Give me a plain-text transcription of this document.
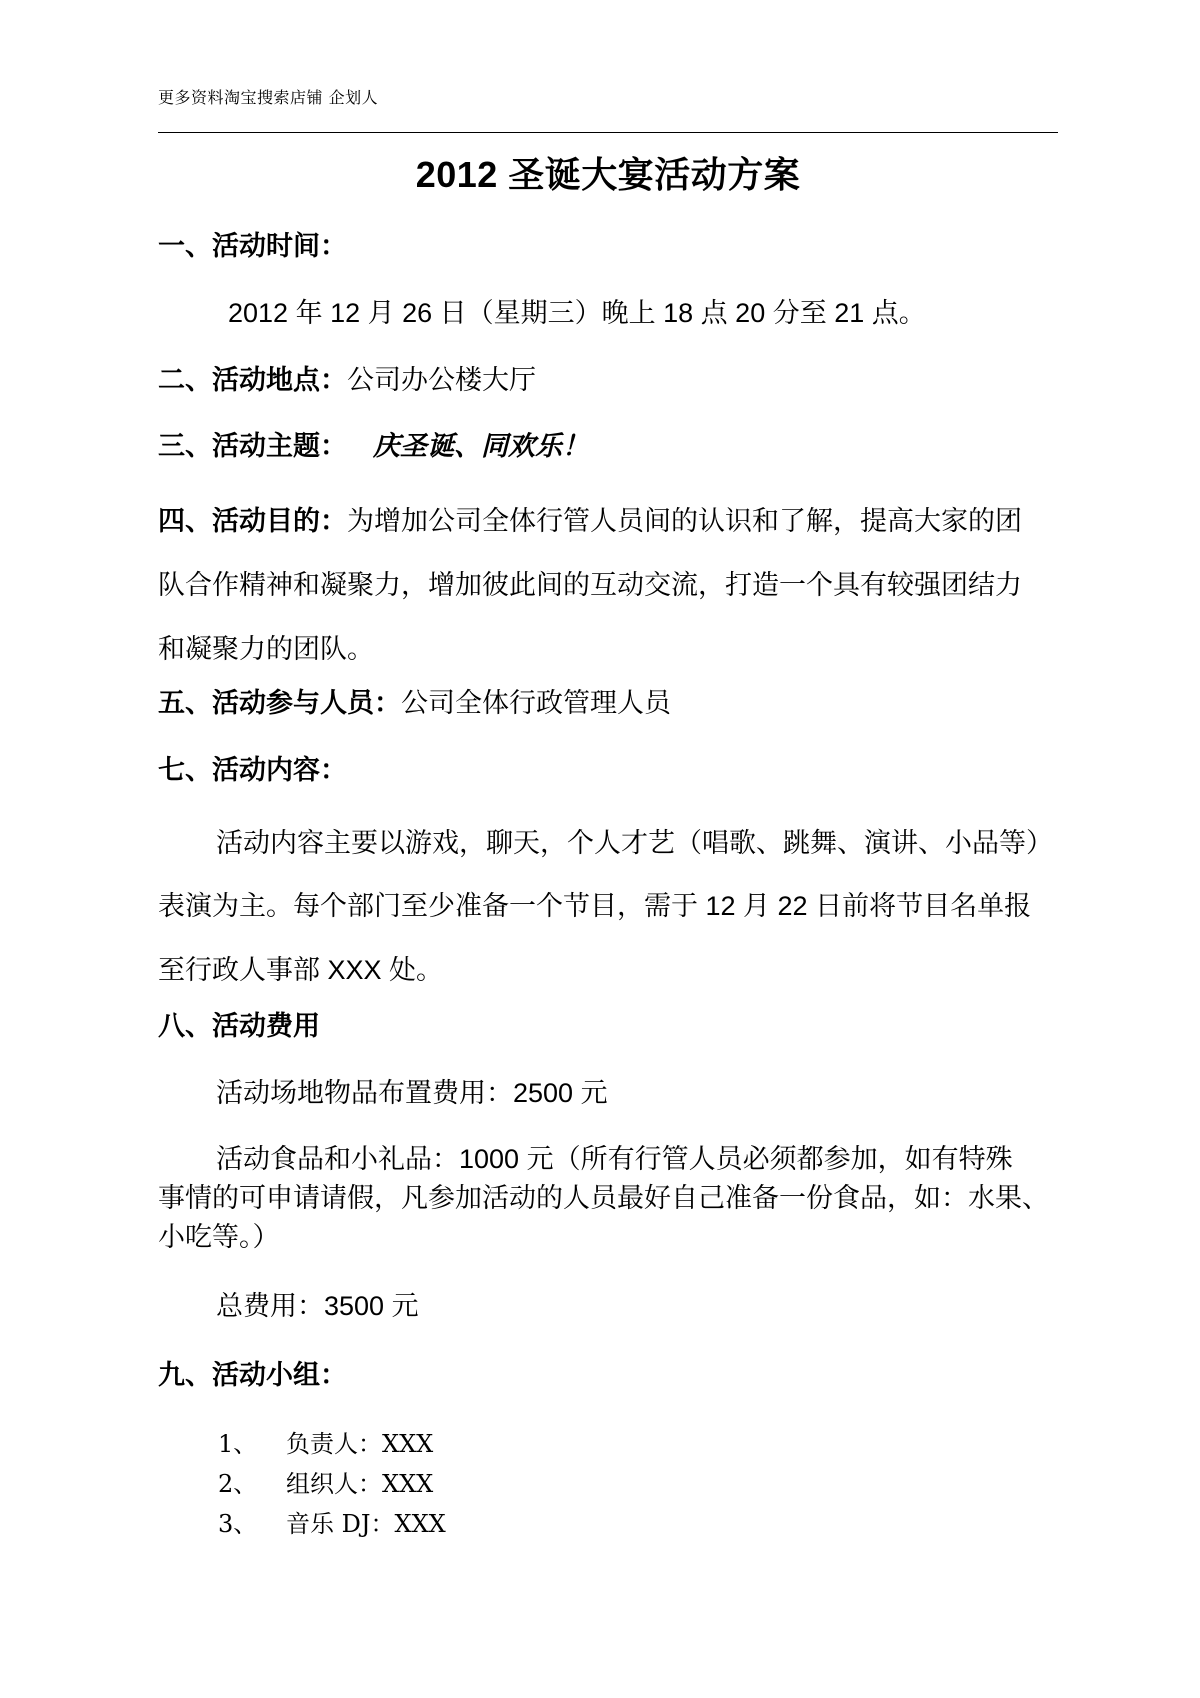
更多资料淘宝搜索店铺 企划人
2012 圣诞大宴活动方案
一、活动时间：
2012 年 12 月 26 日（星期三）晚上 18 点 20 分至 21 点。
二、活动地点：公司办公楼大厅
三、活动主题： 庆圣诞、同欢乐！
四、活动目的：为增加公司全体行管人员间的认识和了解，提高大家的团
队合作精神和凝聚力，增加彼此间的互动交流，打造一个具有较强团结力
和凝聚力的团队。
五、活动参与人员：公司全体行政管理人员
七、活动内容：
活动内容主要以游戏，聊天，个人才艺（唱歌、跳舞、演讲、小品等）
表演为主。每个部门至少准备一个节目，需于 12 月 22 日前将节目名单报
至行政人事部 XXX 处。
八、活动费用
活动场地物品布置费用：2500 元
活动食品和小礼品：1000 元（所有行管人员必须都参加，如有特殊
事情的可申请请假，凡参加活动的人员最好自己准备一份食品，如：水果、
小吃等。）
总费用：3500 元
九、活动小组：
1、 负责人：XXX
2、 组织人：XXX
3、 音乐 DJ：XXX
